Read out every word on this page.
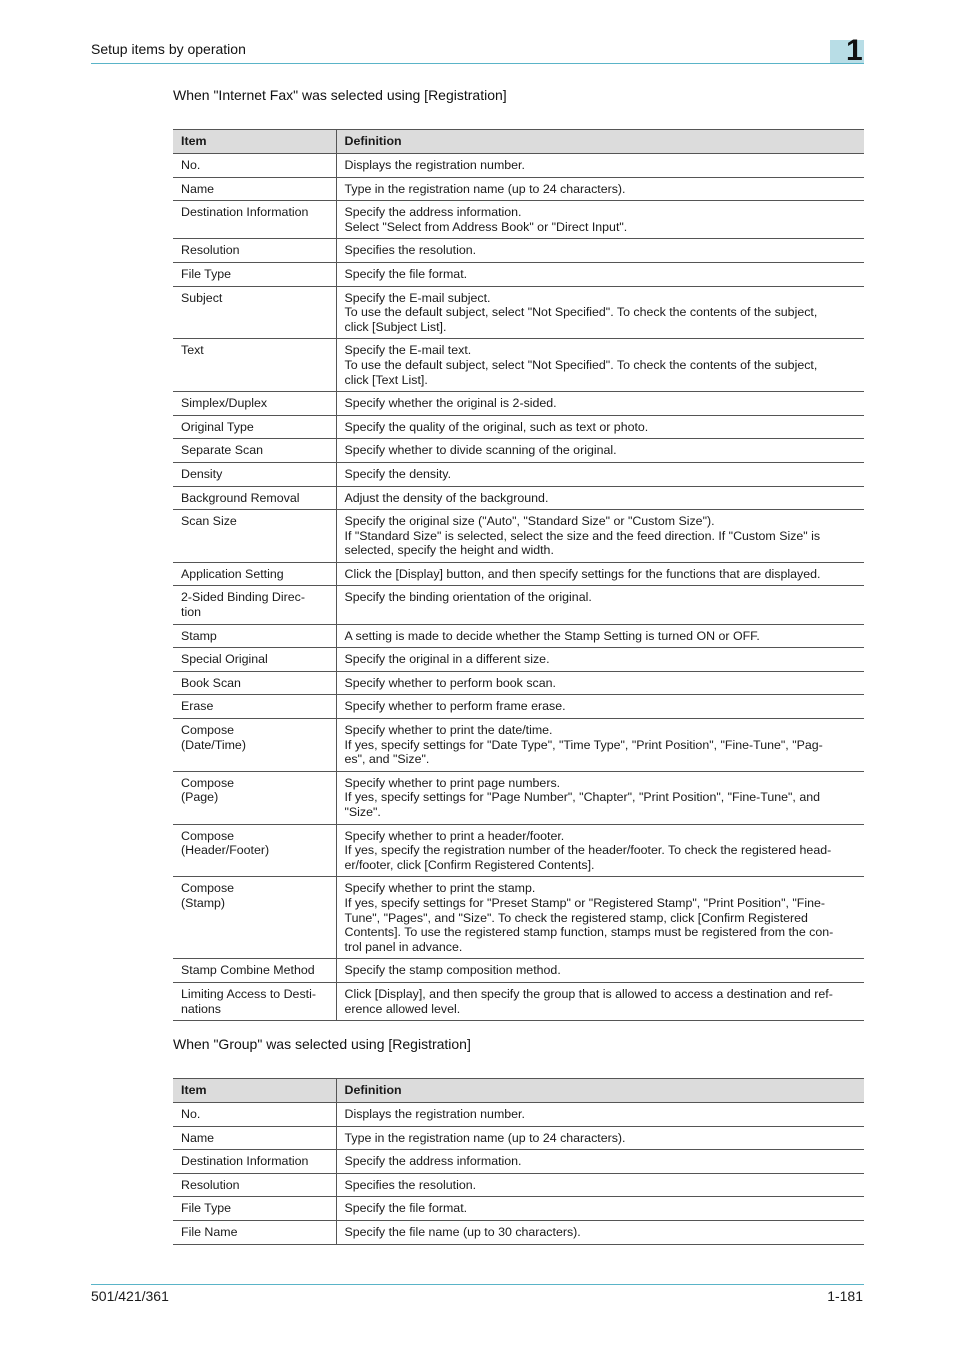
Setup items by operation	1
When "Internet Fax" was selected using [Registration]
Item	Definition

No.	Displays the registration number.

Name	Type in the registration name (up to 24 characters).

Destination Information	Specify the address information.
Select "Select from Address Book" or "Direct Input".

Resolution	Specifies the resolution.

File Type	Specify the file format.

Subject	Specify the E-mail subject.
To use the default subject, select "Not Specified". To check the contents of the subject,
click [Subject List].

Text	Specify the E-mail text.
To use the default subject, select "Not Specified". To check the contents of the subject,
click [Text List].

Simplex/Duplex	Specify whether the original is 2-sided.

Original Type	Specify the quality of the original, such as text or photo.

Separate Scan	Specify whether to divide scanning of the original.

Density	Specify the density.

Background Removal	Adjust the density of the background.

Scan Size	Specify the original size ("Auto", "Standard Size" or "Custom Size").
If "Standard Size" is selected, select the size and the feed direction. If "Custom Size" is
selected, specify the height and width.

Application Setting	Click the [Display] button, and then specify settings for the functions that are displayed.

2-Sided Binding Direc-
tion	Specify the binding orientation of the original.

Stamp	A setting is made to decide whether the Stamp Setting is turned ON or OFF.

Special Original	Specify the original in a different size.

Book Scan	Specify whether to perform book scan.

Erase	Specify whether to perform frame erase.

Compose
(Date/Time)	Specify whether to print the date/time.
If yes, specify settings for "Date Type", "Time Type", "Print Position", "Fine-Tune", "Pag-
es", and "Size".

Compose
(Page)	Specify whether to print page numbers.
If yes, specify settings for "Page Number", "Chapter", "Print Position", "Fine-Tune", and
"Size".

Compose
(Header/Footer)	Specify whether to print a header/footer.
If yes, specify the registration number of the header/footer. To check the registered head-
er/footer, click [Confirm Registered Contents].

Compose
(Stamp)	Specify whether to print the stamp.
If yes, specify settings for "Preset Stamp" or "Registered Stamp", "Print Position", "Fine-
Tune", "Pages", and "Size". To check the registered stamp, click [Confirm Registered
Contents]. To use the registered stamp function, stamps must be registered from the con-
trol panel in advance.

Stamp Combine Method	Specify the stamp composition method.

Limiting Access to Desti-
nations	Click [Display], and then specify the group that is allowed to access a destination and ref-
erence allowed level.
When "Group" was selected using [Registration]
Item	Definition

No.	Displays the registration number.

Name	Type in the registration name (up to 24 characters).

Destination Information	Specify the address information.

Resolution	Specifies the resolution.

File Type	Specify the file format.

File Name	Specify the file name (up to 30 characters).
501/421/361	1-181
